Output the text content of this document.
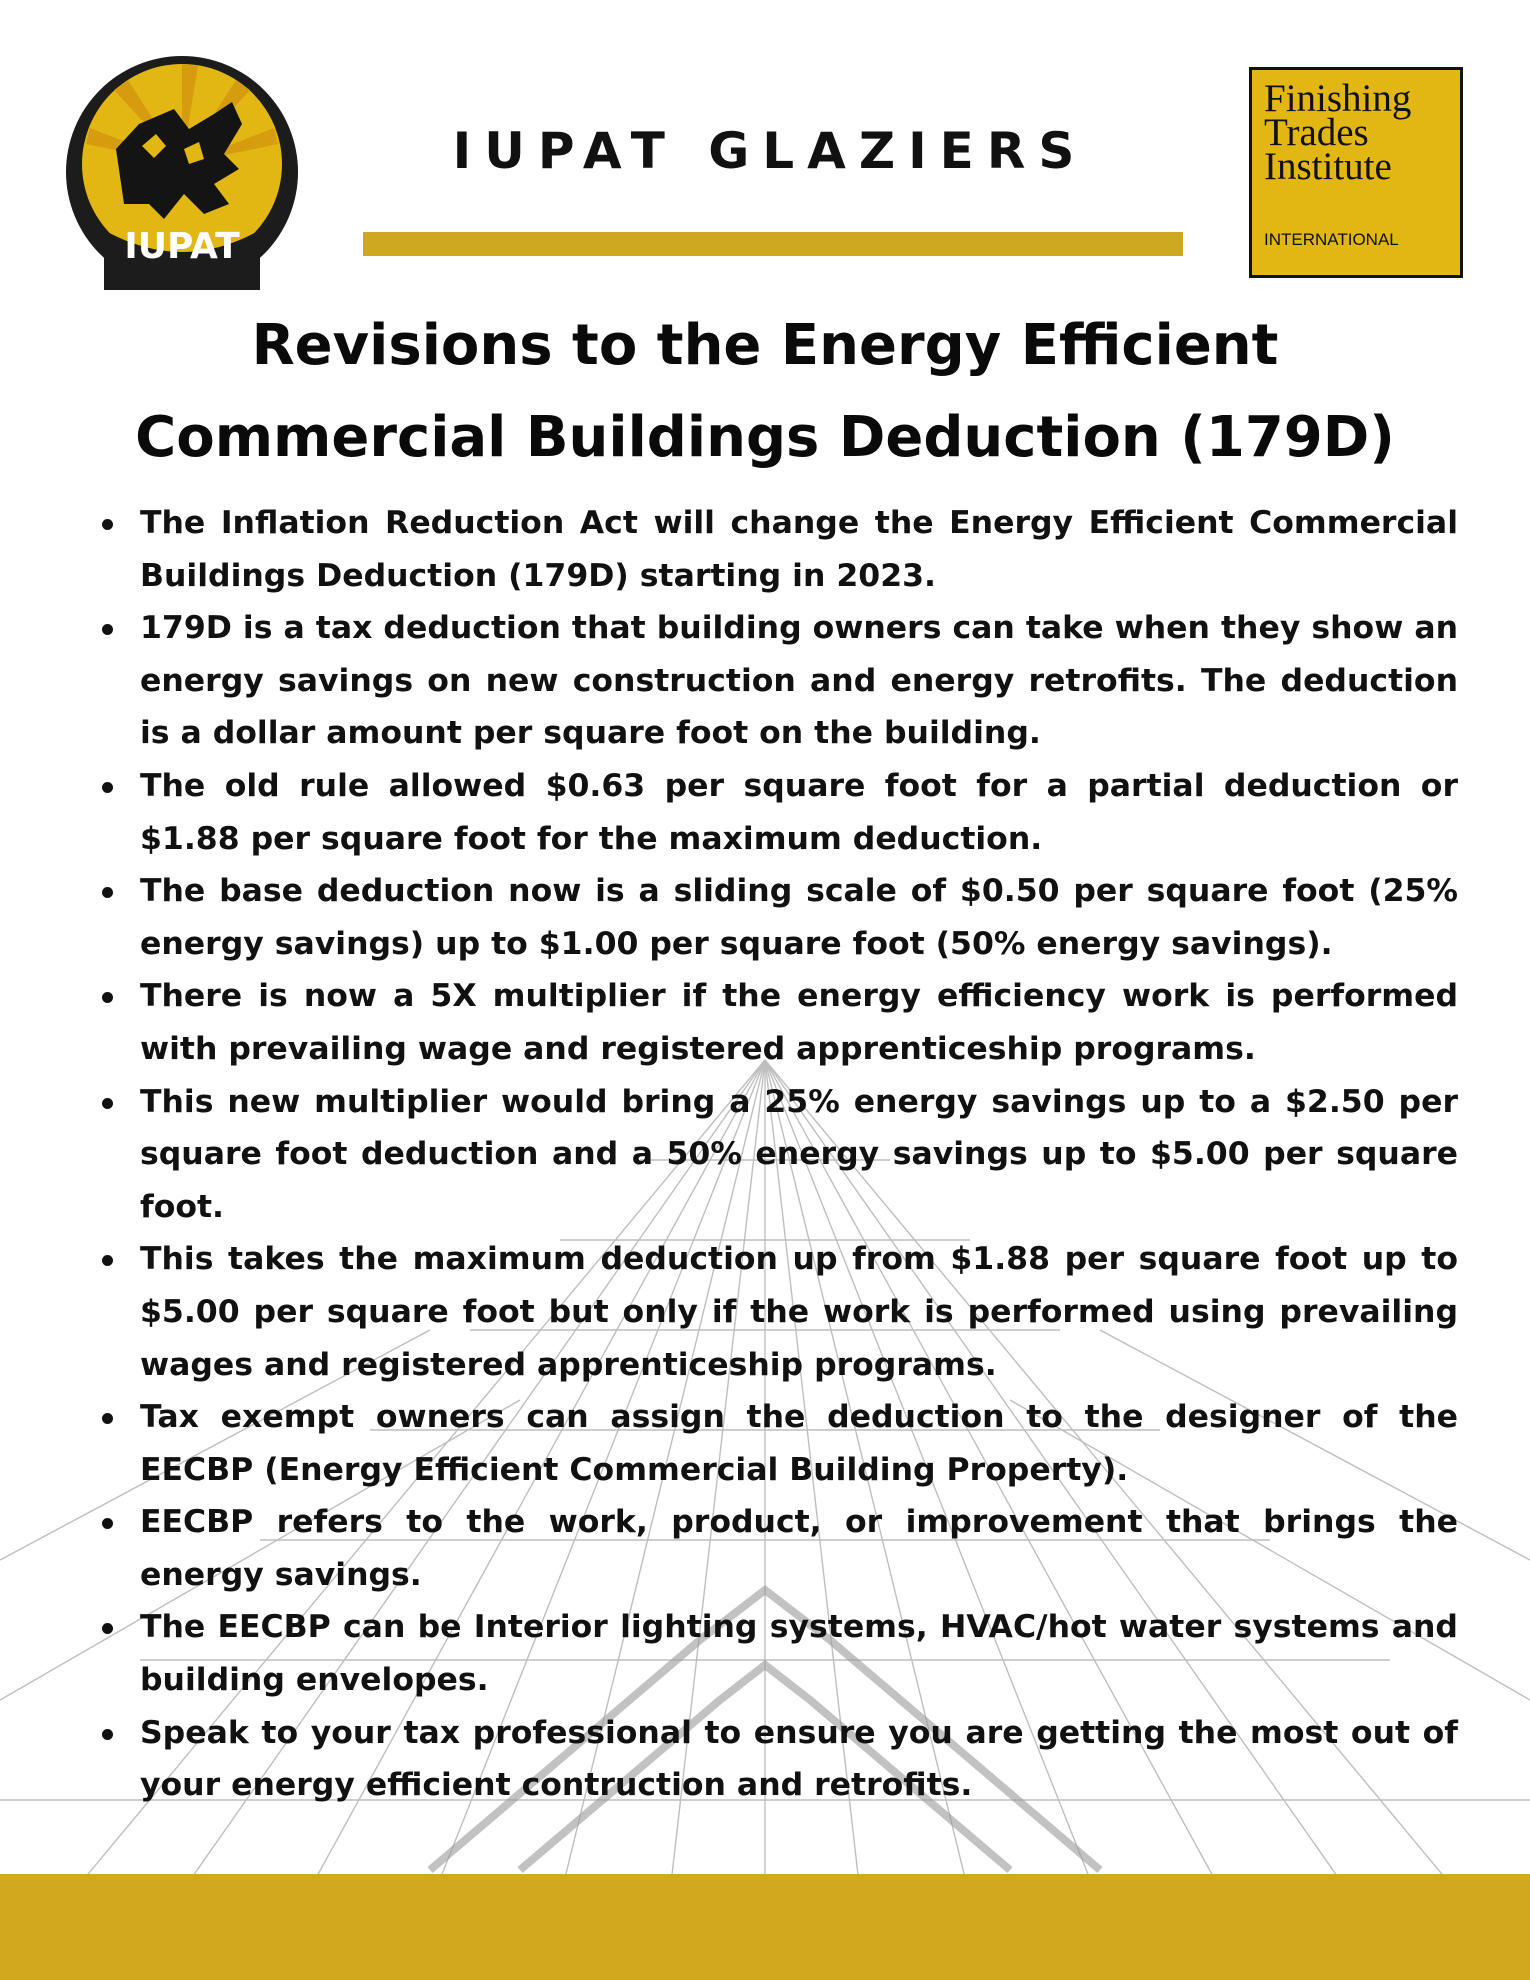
IUPAT
IUPAT GLAZIERS
Finishing
Trades
Institute
INTERNATIONAL
Revisions to the Energy Efficient
Commercial Buildings Deduction (179D)
The Inflation Reduction Act will change the Energy Efficient Commercial Buildings Deduction (179D) starting in 2023.
179D is a tax deduction that building owners can take when they show an energy savings on new construction and energy retrofits. The deduction is a dollar amount per square foot on the building.
The old rule allowed $0.63 per square foot for a partial deduction or $1.88 per square foot for the maximum deduction.
The base deduction now is a sliding scale of $0.50 per square foot (25% energy savings) up to $1.00 per square foot (50% energy savings).
There is now a 5X multiplier if the energy efficiency work is performed with prevailing wage and registered apprenticeship programs.
This new multiplier would bring a 25% energy savings up to a $2.50 per square foot deduction and a 50% energy savings up to $5.00 per square foot.
This takes the maximum deduction up from $1.88 per square foot up to $5.00 per square foot but only if the work is performed using prevailing wages and registered apprenticeship programs.
Tax exempt owners can assign the deduction to the designer of the EECBP (Energy Efficient Commercial Building Property).
EECBP refers to the work, product, or improvement that brings the energy savings.
The EECBP can be Interior lighting systems, HVAC/hot water systems and building envelopes.
Speak to your tax professional to ensure you are getting the most out of your energy efficient contruction and retrofits.
